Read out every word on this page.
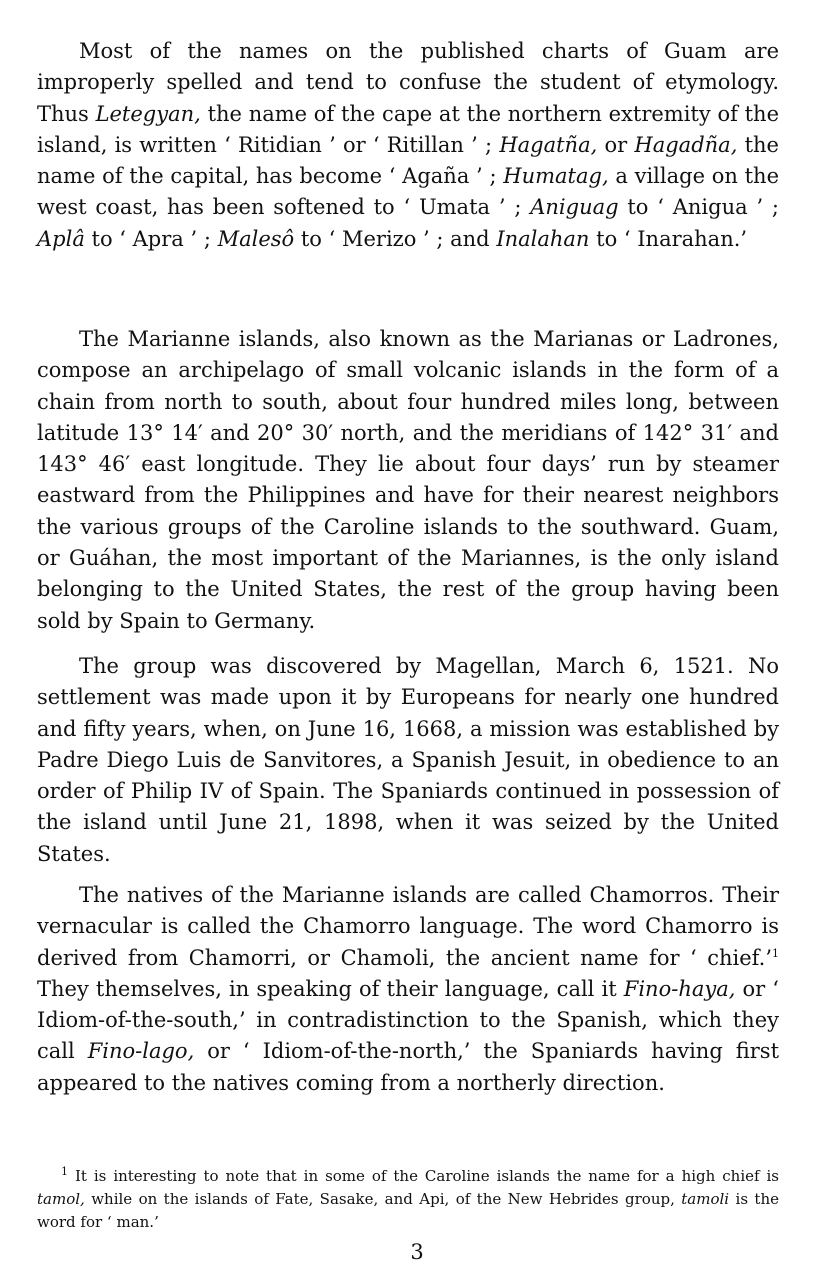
Most of the names on the published charts of Guam are improperly spelled and tend to confuse the student of etymology. Thus Letegyan, the name of the cape at the northern extremity of the island, is written ‘ Ritidian ’ or ‘ Ritillan ’ ; Hagatña, or Hagadña, the name of the capital, has become ‘ Agaña ’ ; Humatag, a village on the west coast, has been softened to ‘ Umata ’ ; Aniguag to ‘ Anigua ’ ; Aplâ to ‘ Apra ’ ; Malesô to ‘ Merizo ’ ; and Inalahan to ‘ Inarahan.’

The Marianne islands, also known as the Marianas or Ladrones, compose an archipelago of small volcanic islands in the form of a chain from north to south, about four hundred miles long, between latitude 13° 14′ and 20° 30′ north, and the meridians of 142° 31′ and 143° 46′ east longitude. They lie about four days’ run by steamer eastward from the Philippines and have for their nearest neighbors the various groups of the Caroline islands to the southward. Guam, or Guáhan, the most important of the Mariannes, is the only island belonging to the United States, the rest of the group having been sold by Spain to Germany.

The group was discovered by Magellan, March 6, 1521. No settlement was made upon it by Europeans for nearly one hundred and fifty years, when, on June 16, 1668, a mission was established by Padre Diego Luis de Sanvitores, a Spanish Jesuit, in obedience to an order of Philip IV of Spain. The Spaniards continued in possession of the island until June 21, 1898, when it was seized by the United States.

The natives of the Marianne islands are called Chamorros. Their vernacular is called the Chamorro language. The word Chamorro is derived from Chamorri, or Chamoli, the ancient name for ‘ chief.’$^1$ They themselves, in speaking of their language, call it Fino-haya, or ‘ Idiom-of-the-south,’ in contradistinction to the Spanish, which they call Fino-lago, or ‘ Idiom-of-the-north,’ the Spaniards having first appeared to the natives coming from a northerly direction.

$^1$ It is interesting to note that in some of the Caroline islands the name for a high chief is tamol, while on the islands of Fate, Sasake, and Api, of the New Hebrides group, tamoli is the word for ‘ man.’

3
